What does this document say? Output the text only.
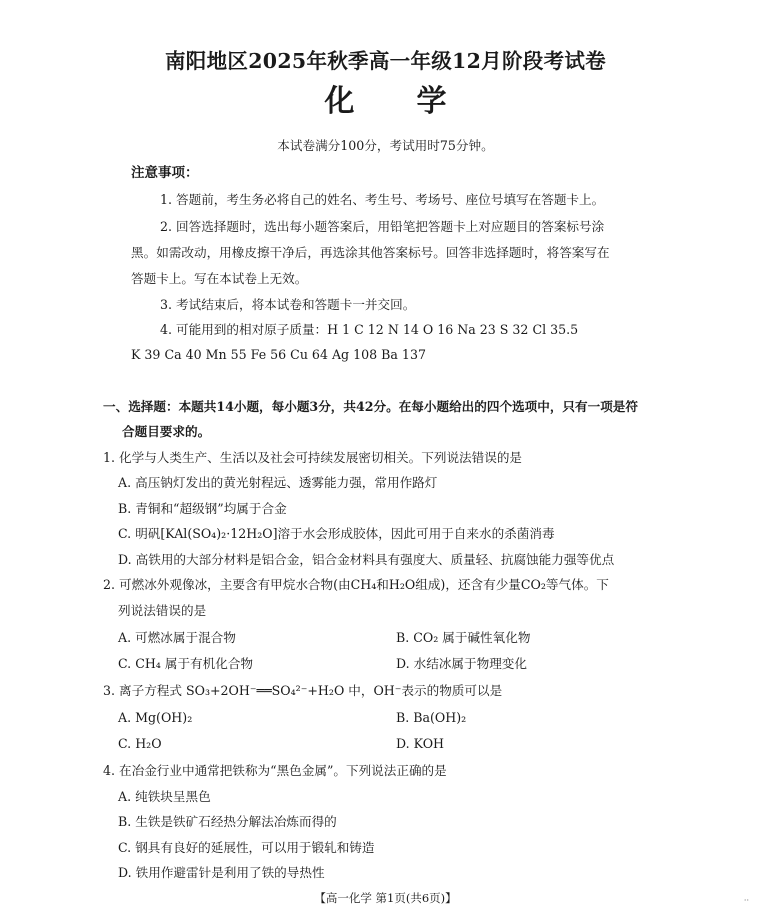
南阳地区2025年秋季高一年级12月阶段考试卷
化学
本试卷满分100分，考试用时75分钟。
注意事项：
1. 答题前，考生务必将自己的姓名、考生号、考场号、座位号填写在答题卡上。
2. 回答选择题时，选出每小题答案后，用铅笔把答题卡上对应题目的答案标号涂
黑。如需改动，用橡皮擦干净后，再选涂其他答案标号。回答非选择题时，将答案写在
答题卡上。写在本试卷上无效。
3. 考试结束后，将本试卷和答题卡一并交回。
4. 可能用到的相对原子质量：H 1 C 12 N 14 O 16 Na 23 S 32 Cl 35.5
K 39 Ca 40 Mn 55 Fe 56 Cu 64 Ag 108 Ba 137
一、选择题：本题共14小题，每小题3分，共42分。在每小题给出的四个选项中，只有一项是符
合题目要求的。
1. 化学与人类生产、生活以及社会可持续发展密切相关。下列说法错误的是
A. 高压钠灯发出的黄光射程远、透雾能力强，常用作路灯
B. 青铜和“超级钢”均属于合金
C. 明矾[KAl(SO₄)₂·12H₂O]溶于水会形成胶体，因此可用于自来水的杀菌消毒
D. 高铁用的大部分材料是铝合金，铝合金材料具有强度大、质量轻、抗腐蚀能力强等优点
2. 可燃冰外观像冰，主要含有甲烷水合物(由CH₄和H₂O组成)，还含有少量CO₂等气体。下
列说法错误的是
A. 可燃冰属于混合物	B. CO₂ 属于碱性氧化物
C. CH₄ 属于有机化合物	D. 水结冰属于物理变化
3. 离子方程式 SO₃+2OH⁻══SO₄²⁻+H₂O 中，OH⁻表示的物质可以是
A. Mg(OH)₂	B. Ba(OH)₂
C. H₂O	D. KOH
4. 在冶金行业中通常把铁称为“黑色金属”。下列说法正确的是
A. 纯铁块呈黑色
B. 生铁是铁矿石经热分解法冶炼而得的
C. 钢具有良好的延展性，可以用于锻轧和铸造
D. 铁用作避雷针是利用了铁的导热性
【高一化学 第1页(共6页)】	··
